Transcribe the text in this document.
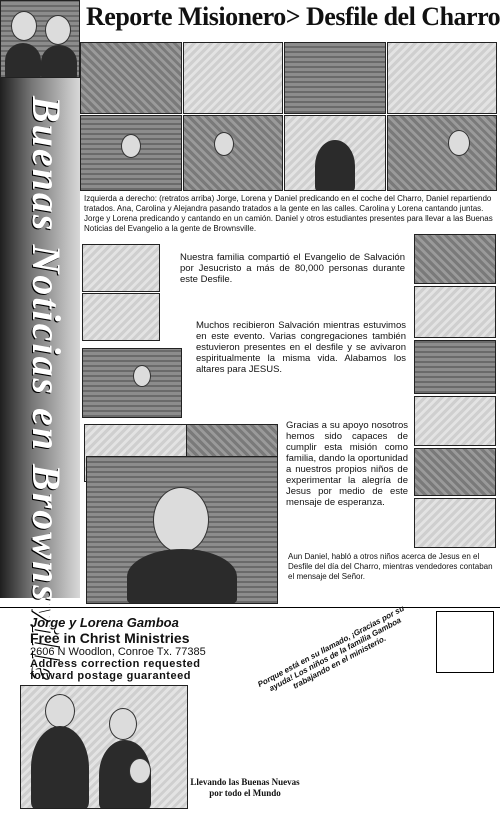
Reporte Misionero> Desfile del Charro
Buenas Noticias en Brownsville Izquierda a derecho: (retratos arriba) Jorge, Lorena y Daniel predicando en el coche del Charro, Daniel repartiendo tratados. Ana, Carolina y Alejandra pasando tratados a la gente en las calles. Carolina y Lorena cantando juntas. Jorge y Lorena predicando y cantando en un camión. Daniel y otros estudiantes presentes para llevar a las Buenas Noticias del Evangelio a la gente de Brownsville.
Nuestra familia compartió el Evangelio de Salvación por Jesucristo a más de 80,000 personas durante este Desfile.
Muchos recibieron Salvación mientras estuvimos en este evento. Varias congregaciones también estuvieron presentes en el desfile y se avivaron espiritualmente la misma vida. Alabamos los altares para JESUS.
Gracias a su apoyo nosotros hemos sido capaces de cumplir esta misión como familia, dando la oportunidad a nuestros propios niños de experimentar la alegría de Jesus por medio de este mensaje de esperanza.
Aun Daniel, habló a otros niños acerca de Jesus en el Desfile del día del Charro, mientras vendedores contaban el mensaje del Señor.
Jorge y Lorena Gamboa
Free in Christ Ministries
2606 N Woodlon, Conroe Tx. 77385
Address correction requested
forward postage guaranteed	Porque está en su llamado, ¡Gracias por su ayuda! Los niños de la familia Gamboa trabajando en el ministerio.
Llevando las Buenas Nuevas por todo el Mundo
